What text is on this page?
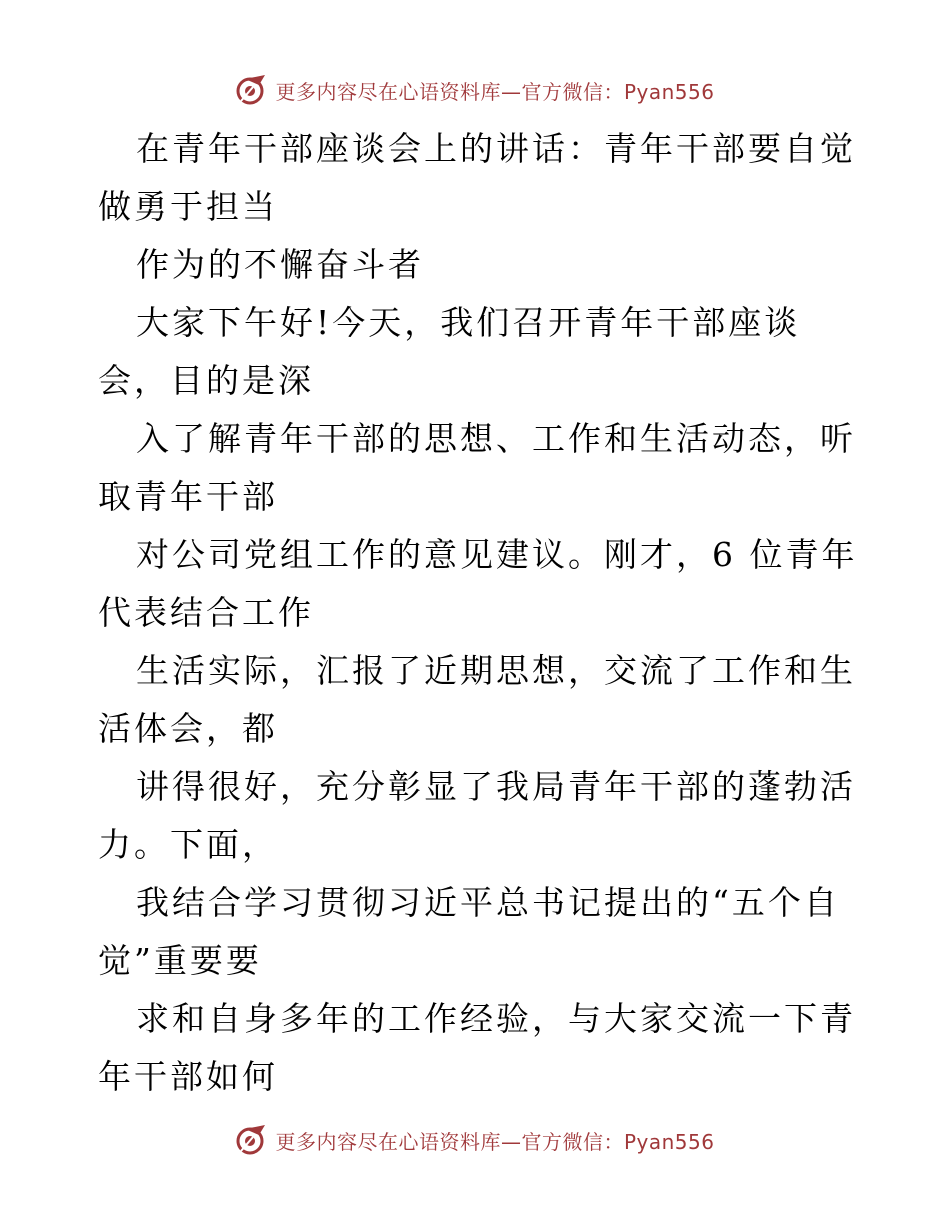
更多内容尽在心语资料库—官方微信：Pyan556

在青年干部座谈会上的讲话：青年干部要自觉做勇于担当

作为的不懈奋斗者

大家下午好!今天，我们召开青年干部座谈会，目的是深

入了解青年干部的思想、工作和生活动态，听取青年干部

对公司党组工作的意见建议。刚才，6 位青年代表结合工作

生活实际，汇报了近期思想，交流了工作和生活体会，都

讲得很好，充分彰显了我局青年干部的蓬勃活力。下面，

我结合学习贯彻习近平总书记提出的“五个自觉”重要要

求和自身多年的工作经验，与大家交流一下青年干部如何

更多内容尽在心语资料库—官方微信：Pyan556
